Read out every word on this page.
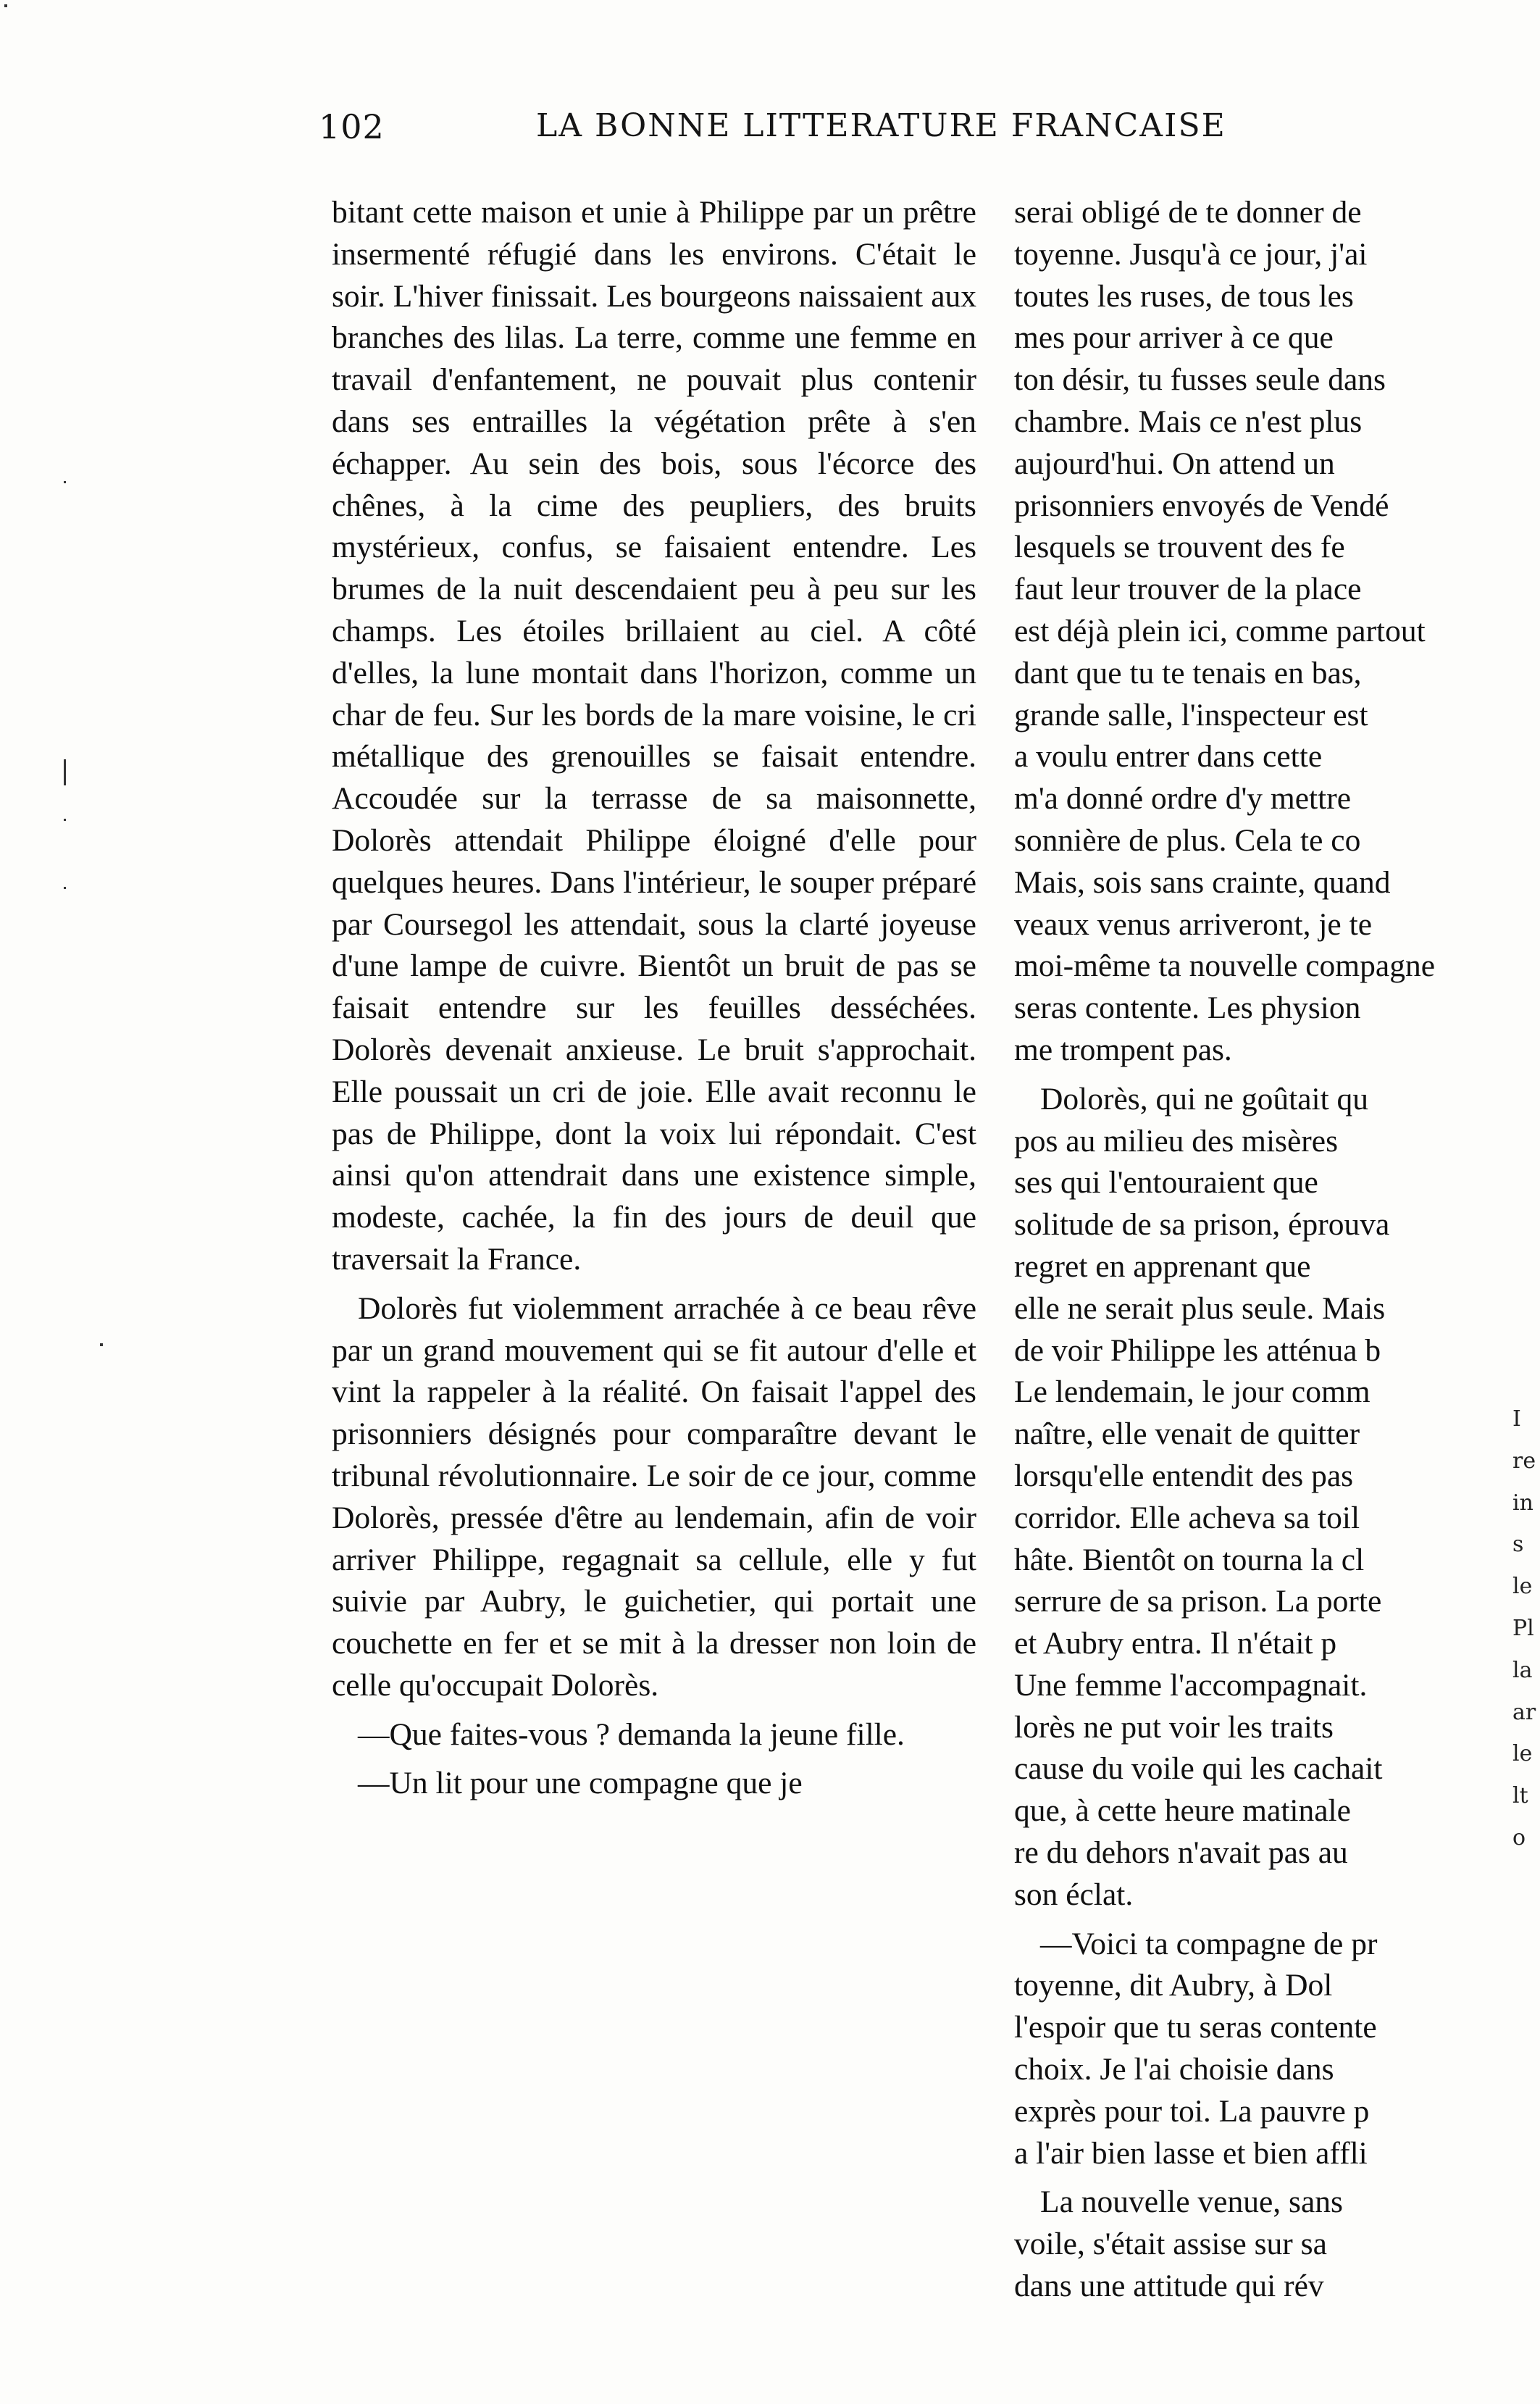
102	LA BONNE LITTERATURE FRANCAISE

bitant cette maison et unie à Philippe par un prêtre insermenté réfugié dans les environs. C'était le soir. L'hiver finissait. Les bourgeons naissaient aux branches des lilas. La terre, comme une femme en travail d'enfantement, ne pouvait plus contenir dans ses entrailles la végétation prête à s'en échapper. Au sein des bois, sous l'écorce des chênes, à la cime des peupliers, des bruits mystérieux, confus, se faisaient entendre. Les brumes de la nuit descendaient peu à peu sur les champs. Les étoiles brillaient au ciel. A côté d'elles, la lune montait dans l'horizon, comme un char de feu. Sur les bords de la mare voisine, le cri métallique des grenouilles se faisait entendre. Accoudée sur la terrasse de sa maisonnette, Dolorès attendait Philippe éloigné d'elle pour quelques heures. Dans l'intérieur, le souper préparé par Coursegol les attendait, sous la clarté joyeuse d'une lampe de cuivre. Bientôt un bruit de pas se faisait entendre sur les feuilles desséchées. Dolorès devenait anxieuse. Le bruit s'approchait. Elle poussait un cri de joie. Elle avait reconnu le pas de Philippe, dont la voix lui répondait. C'est ainsi qu'on attendrait dans une existence simple, modeste, cachée, la fin des jours de deuil que traversait la France.

Dolorès fut violemment arrachée à ce beau rêve par un grand mouvement qui se fit autour d'elle et vint la rappeler à la réalité. On faisait l'appel des prisonniers désignés pour comparaître devant le tribunal révolutionnaire. Le soir de ce jour, comme Dolorès, pressée d'être au lendemain, afin de voir arriver Philippe, regagnait sa cellule, elle y fut suivie par Aubry, le guichetier, qui portait une couchette en fer et se mit à la dresser non loin de celle qu'occupait Dolorès.

—Que faites-vous ? demanda la jeune fille.

—Un lit pour une compagne que je

serai obligé de te donner de
toyenne. Jusqu'à ce jour, j'ai
toutes les ruses, de tous les
mes pour arriver à ce que
ton désir, tu fusses seule dans
chambre. Mais ce n'est plus
aujourd'hui. On attend un
prisonniers envoyés de Vendé
lesquels se trouvent des fe
faut leur trouver de la place
est déjà plein ici, comme partout
dant que tu te tenais en bas,
grande salle, l'inspecteur est
a voulu entrer dans cette
m'a donné ordre d'y mettre
sonnière de plus. Cela te co
Mais, sois sans crainte, quand
veaux venus arriveront, je te
moi-même ta nouvelle compagne
seras contente. Les physion
me trompent pas.
Dolorès, qui ne goûtait qu
pos au milieu des misères
ses qui l'entouraient que
solitude de sa prison, éprouva
regret en apprenant que
elle ne serait plus seule. Mais
de voir Philippe les atténua b
Le lendemain, le jour comm
naître, elle venait de quitter
lorsqu'elle entendit des pas
corridor. Elle acheva sa toil
hâte. Bientôt on tourna la cl
serrure de sa prison. La porte
et Aubry entra. Il n'était p
Une femme l'accompagnait.
lorès ne put voir les traits
cause du voile qui les cachait
que, à cette heure matinale
re du dehors n'avait pas au
son éclat.
—Voici ta compagne de pr
toyenne, dit Aubry, à Dol
l'espoir que tu seras contente
choix. Je l'ai choisie dans
exprès pour toi. La pauvre p
a l'air bien lasse et bien affli
La nouvelle venue, sans
voile, s'était assise sur sa
dans une attitude qui rév
I
re
in
s
le
Pl
la
ar
le
lt
o
